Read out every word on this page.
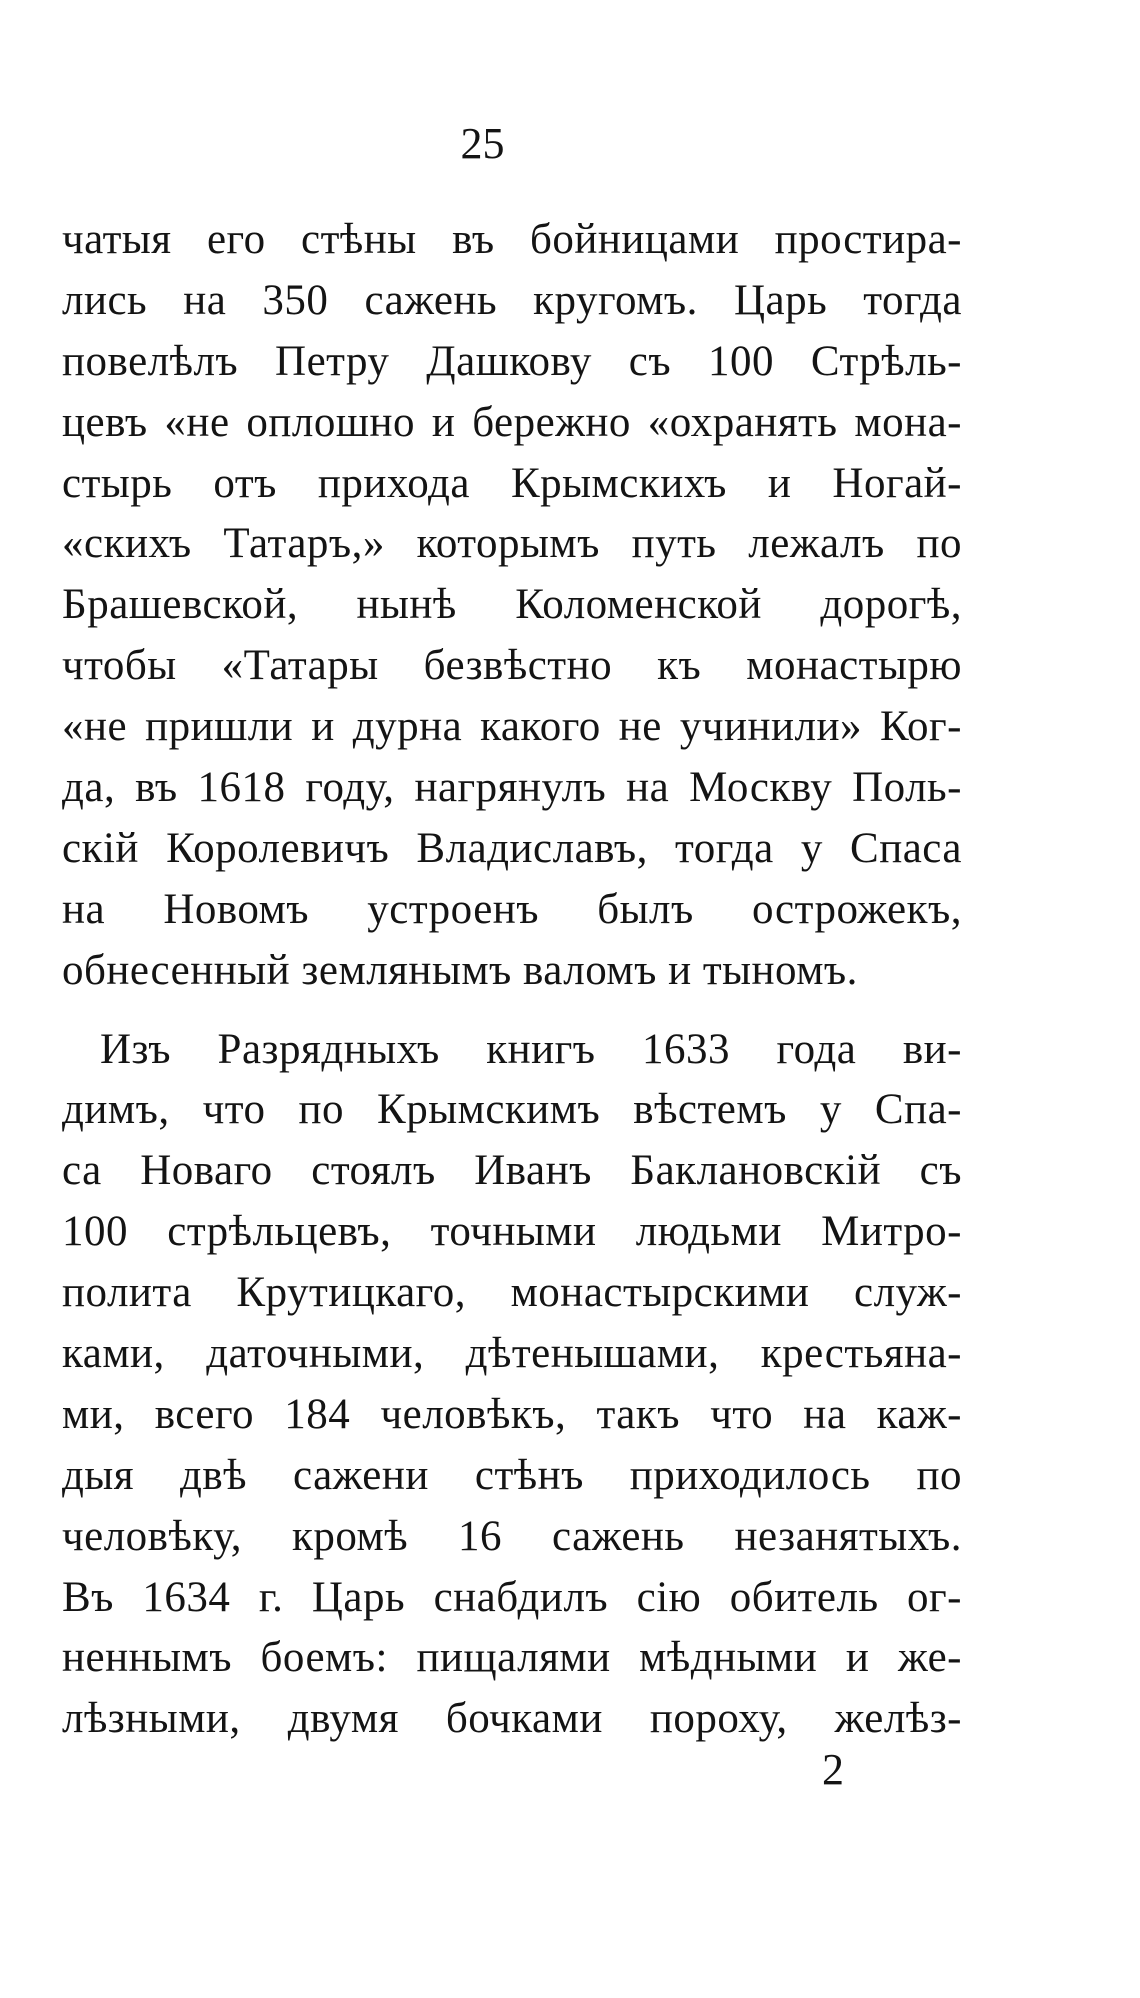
25
чатыя его стѣны въ бойницами простира-
лись на 350 сажень кругомъ. Царь тогда
повелѣлъ Петру Дашкову съ 100 Стрѣль-
цевъ «не оплошно и бережно «охранять мона-
стырь отъ прихода Крымскихъ и Ногай-
«скихъ Татаръ,» которымъ путь лежалъ по
Брашевской, нынѣ Коломенской дорогѣ,
чтобы «Татары безвѣстно къ монастырю
«не пришли и дурна какого не учинили» Ког-
да, въ 1618 году, нагрянулъ на Москву Поль-
скій Королевичъ Владиславъ, тогда у Спаса
на Новомъ устроенъ былъ острожекъ,
обнесенный землянымъ валомъ и тыномъ.
Изъ Разрядныхъ книгъ 1633 года ви-
димъ, что по Крымскимъ вѣстемъ у Спа-
са Новаго стоялъ Иванъ Баклановскій съ
100 стрѣльцевъ, точными людьми Митро-
полита Крутицкаго, монастырскими служ-
ками, даточными, дѣтенышами, крестьяна-
ми, всего 184 человѣкъ, такъ что на каж-
дыя двѣ сажени стѣнъ приходилось по
человѣку, кромѣ 16 сажень незанятыхъ.
Въ 1634 г. Царь снабдилъ сію обитель ог-
неннымъ боемъ: пищалями мѣдными и же-
лѣзными, двумя бочками пороху, желѣз-
2
